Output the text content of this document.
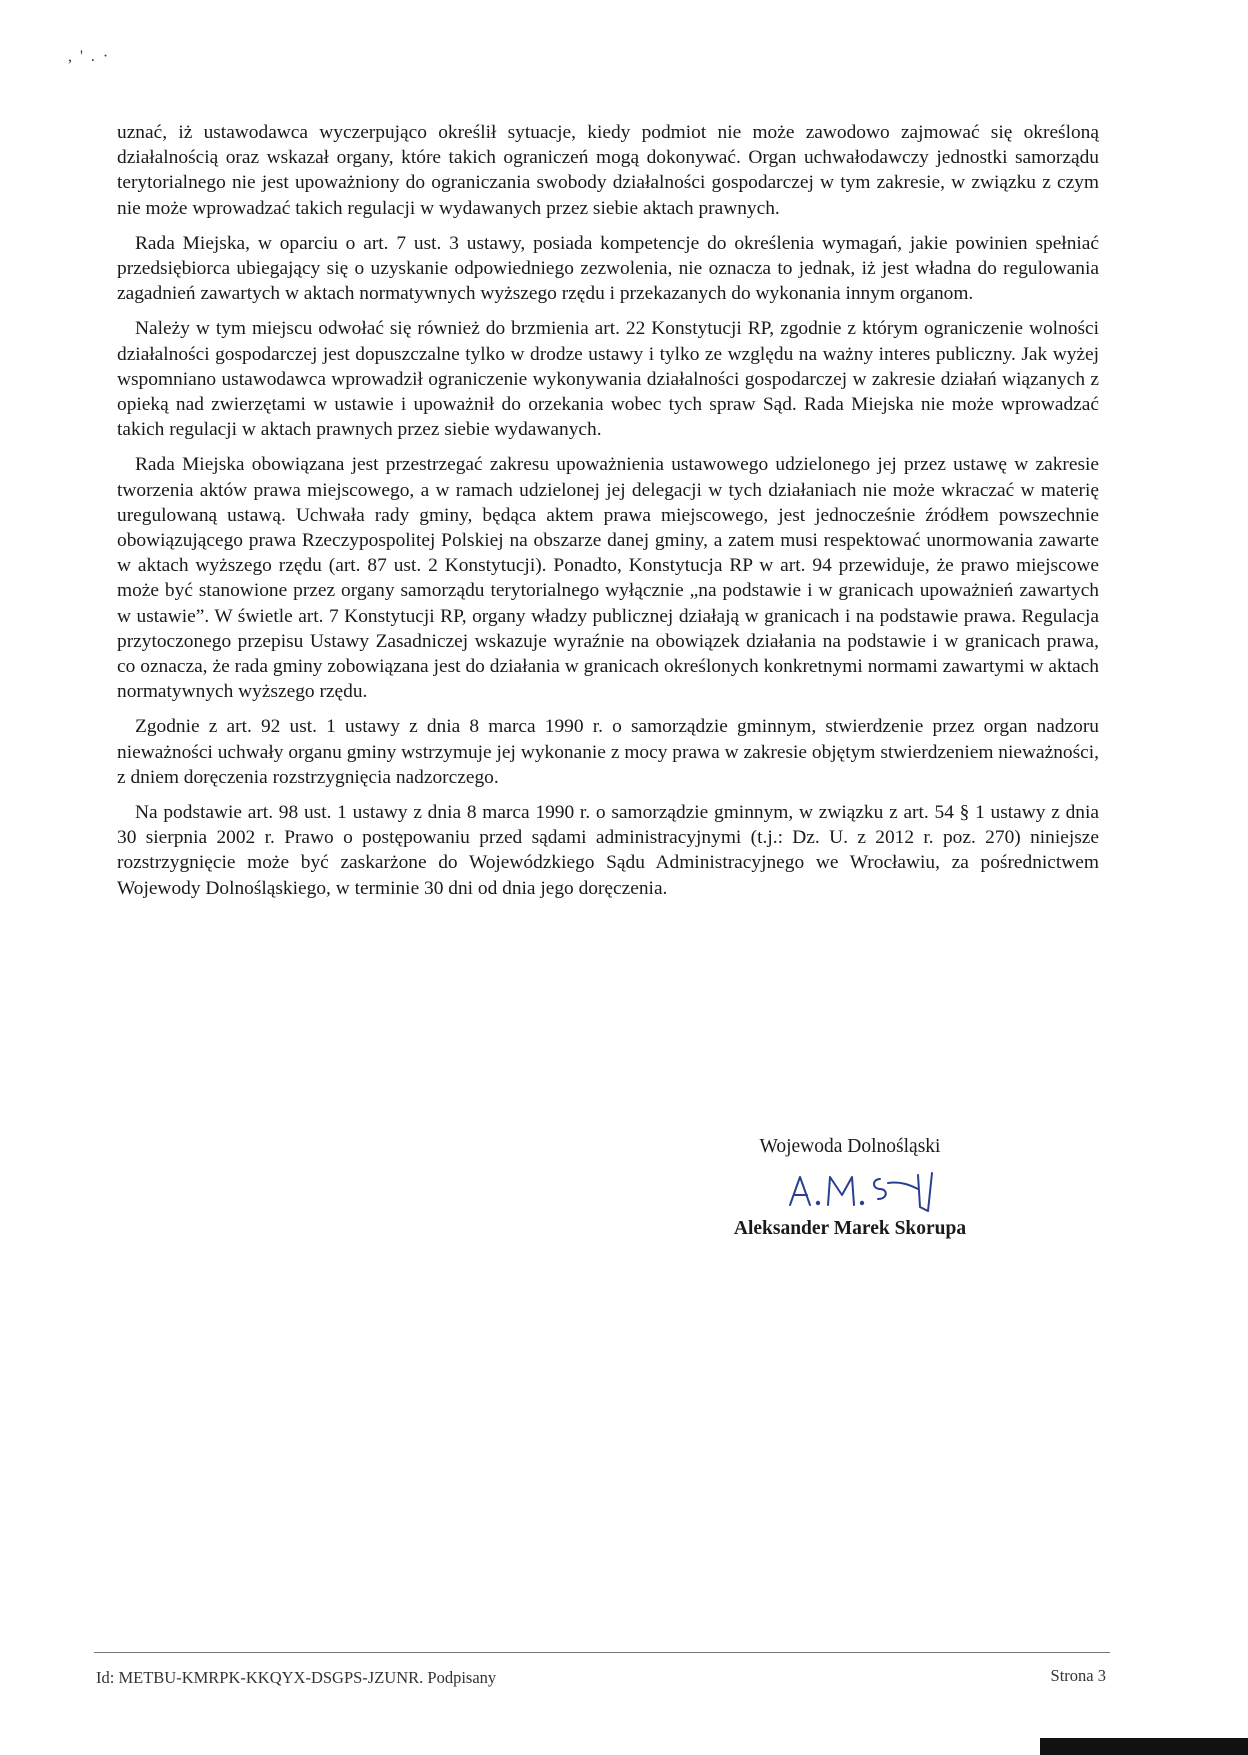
, ' . ·

uznać, iż ustawodawca wyczerpująco określił sytuacje, kiedy podmiot nie może zawodowo zajmować się określoną działalnością oraz wskazał organy, które takich ograniczeń mogą dokonywać. Organ uchwałodawczy jednostki samorządu terytorialnego nie jest upoważniony do ograniczania swobody działalności gospodarczej w tym zakresie, w związku z czym nie może wprowadzać takich regulacji w wydawanych przez siebie aktach prawnych.

Rada Miejska, w oparciu o art. 7 ust. 3 ustawy, posiada kompetencje do określenia wymagań, jakie powinien spełniać przedsiębiorca ubiegający się o uzyskanie odpowiedniego zezwolenia, nie oznacza to jednak, iż jest władna do regulowania zagadnień zawartych w aktach normatywnych wyższego rzędu i przekazanych do wykonania innym organom.

Należy w tym miejscu odwołać się również do brzmienia art. 22 Konstytucji RP, zgodnie z którym ograniczenie wolności działalności gospodarczej jest dopuszczalne tylko w drodze ustawy i tylko ze względu na ważny interes publiczny. Jak wyżej wspomniano ustawodawca wprowadził ograniczenie wykonywania działalności gospodarczej w zakresie działań wiązanych z opieką nad zwierzętami w ustawie i upoważnił do orzekania wobec tych spraw Sąd. Rada Miejska nie może wprowadzać takich regulacji w aktach prawnych przez siebie wydawanych.

Rada Miejska obowiązana jest przestrzegać zakresu upoważnienia ustawowego udzielonego jej przez ustawę w zakresie tworzenia aktów prawa miejscowego, a w ramach udzielonej jej delegacji w tych działaniach nie może wkraczać w materię uregulowaną ustawą. Uchwała rady gminy, będąca aktem prawa miejscowego, jest jednocześnie źródłem powszechnie obowiązującego prawa Rzeczypospolitej Polskiej na obszarze danej gminy, a zatem musi respektować unormowania zawarte w aktach wyższego rzędu (art. 87 ust. 2 Konstytucji). Ponadto, Konstytucja RP w art. 94 przewiduje, że prawo miejscowe może być stanowione przez organy samorządu terytorialnego wyłącznie „na podstawie i w granicach upoważnień zawartych w ustawie”. W świetle art. 7 Konstytucji RP, organy władzy publicznej działają w granicach i na podstawie prawa. Regulacja przytoczonego przepisu Ustawy Zasadniczej wskazuje wyraźnie na obowiązek działania na podstawie i w granicach prawa, co oznacza, że rada gminy zobowiązana jest do działania w granicach określonych konkretnymi normami zawartymi w aktach normatywnych wyższego rzędu.

Zgodnie z art. 92 ust. 1 ustawy z dnia 8 marca 1990 r. o samorządzie gminnym, stwierdzenie przez organ nadzoru nieważności uchwały organu gminy wstrzymuje jej wykonanie z mocy prawa w zakresie objętym stwierdzeniem nieważności, z dniem doręczenia rozstrzygnięcia nadzorczego.

Na podstawie art. 98 ust. 1 ustawy z dnia 8 marca 1990 r. o samorządzie gminnym, w związku z art. 54 § 1 ustawy z dnia 30 sierpnia 2002 r. Prawo o postępowaniu przed sądami administracyjnymi (t.j.: Dz. U. z 2012 r. poz. 270) niniejsze rozstrzygnięcie może być zaskarżone do Wojewódzkiego Sądu Administracyjnego we Wrocławiu, za pośrednictwem Wojewody Dolnośląskiego, w terminie 30 dni od dnia jego doręczenia.

Wojewoda Dolnośląski
Aleksander Marek Skorupa
Id: METBU-KMRPK-KKQYX-DSGPS-JZUNR. Podpisany	Strona 3
